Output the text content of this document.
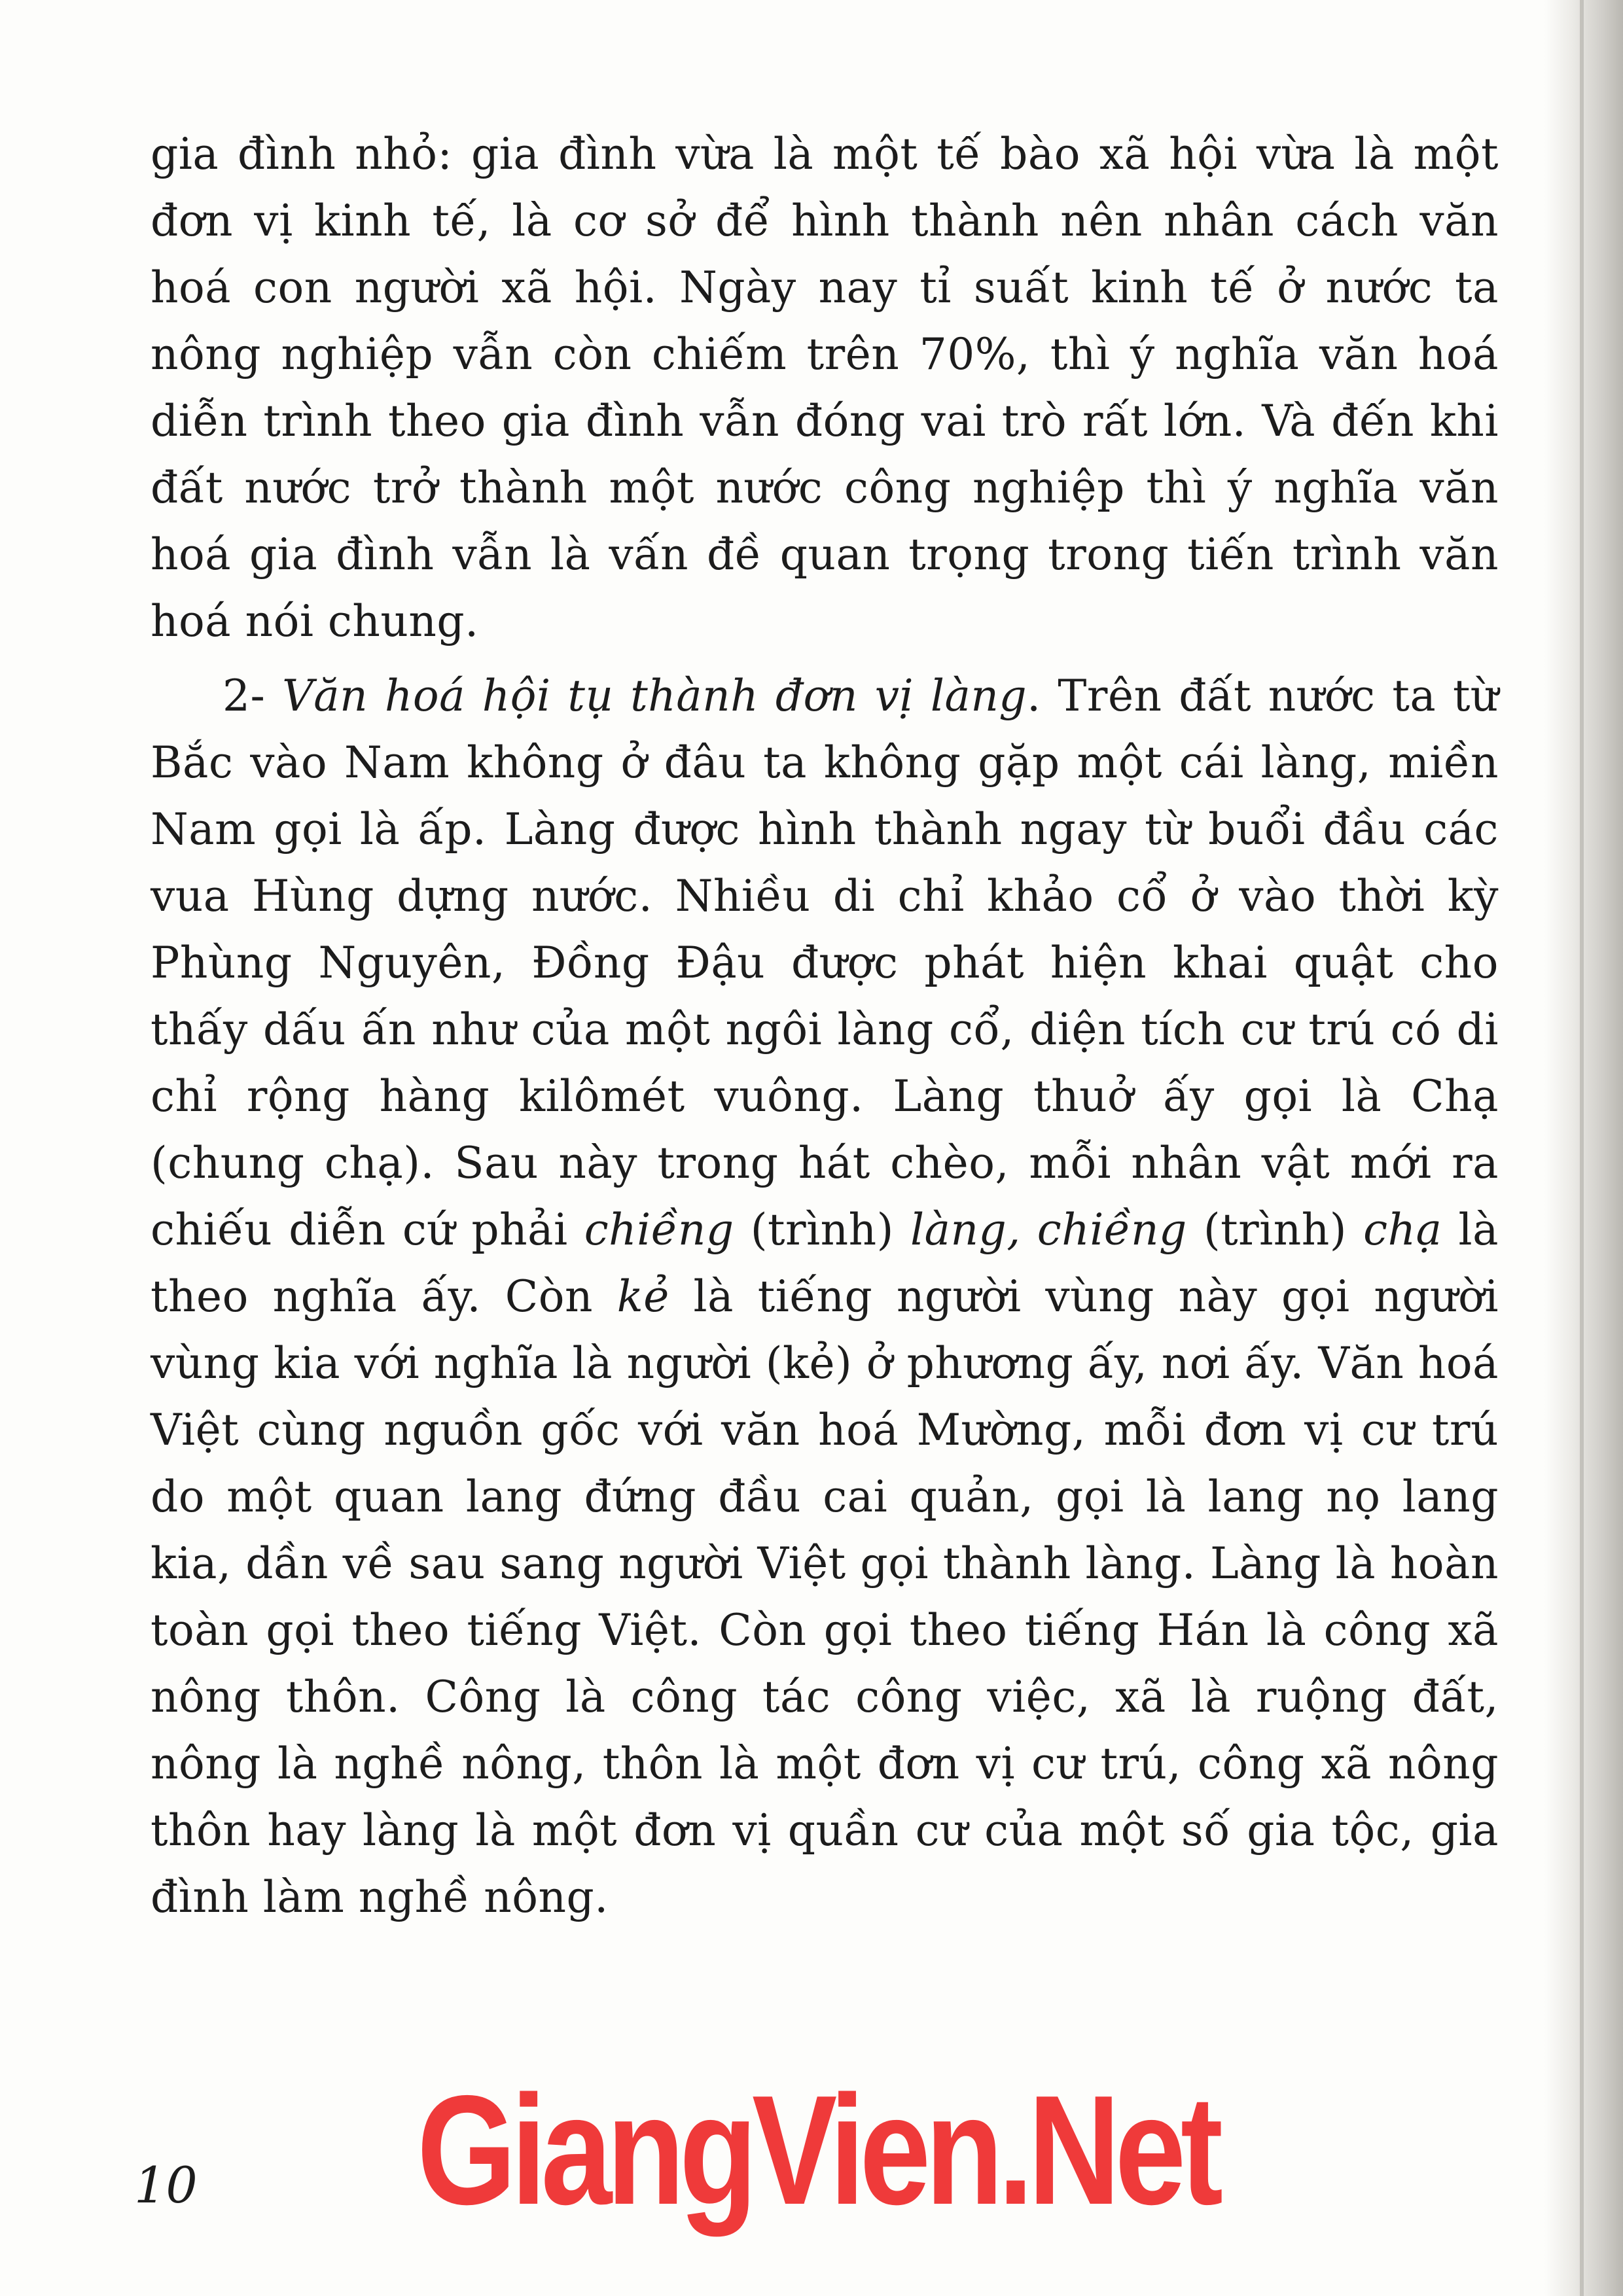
gia đình nhỏ: gia đình vừa là một tế bào xã hội vừa là một đơn vị kinh tế, là cơ sở để hình thành nên nhân cách văn hoá con người xã hội. Ngày nay tỉ suất kinh tế ở nước ta nông nghiệp vẫn còn chiếm trên 70%, thì ý nghĩa văn hoá diễn trình theo gia đình vẫn đóng vai trò rất lớn. Và đến khi đất nước trở thành một nước công nghiệp thì ý nghĩa văn hoá gia đình vẫn là vấn đề quan trọng trong tiến trình văn hoá nói chung.

2- Văn hoá hội tụ thành đơn vị làng. Trên đất nước ta từ Bắc vào Nam không ở đâu ta không gặp một cái làng, miền Nam gọi là ấp. Làng được hình thành ngay từ buổi đầu các vua Hùng dựng nước. Nhiều di chỉ khảo cổ ở vào thời kỳ Phùng Nguyên, Đồng Đậu được phát hiện khai quật cho thấy dấu ấn như của một ngôi làng cổ, diện tích cư trú có di chỉ rộng hàng kilômét vuông. Làng thuở ấy gọi là Chạ (chung chạ). Sau này trong hát chèo, mỗi nhân vật mới ra chiếu diễn cứ phải chiềng (trình) làng, chiềng (trình) chạ là theo nghĩa ấy. Còn kẻ là tiếng người vùng này gọi người vùng kia với nghĩa là người (kẻ) ở phương ấy, nơi ấy. Văn hoá Việt cùng nguồn gốc với văn hoá Mường, mỗi đơn vị cư trú do một quan lang đứng đầu cai quản, gọi là lang nọ lang kia, dần về sau sang người Việt gọi thành làng. Làng là hoàn toàn gọi theo tiếng Việt. Còn gọi theo tiếng Hán là công xã nông thôn. Công là công tác công việc, xã là ruộng đất, nông là nghề nông, thôn là một đơn vị cư trú, công xã nông thôn hay làng là một đơn vị quần cư của một số gia tộc, gia đình làm nghề nông.

GiangVien.Net
10
